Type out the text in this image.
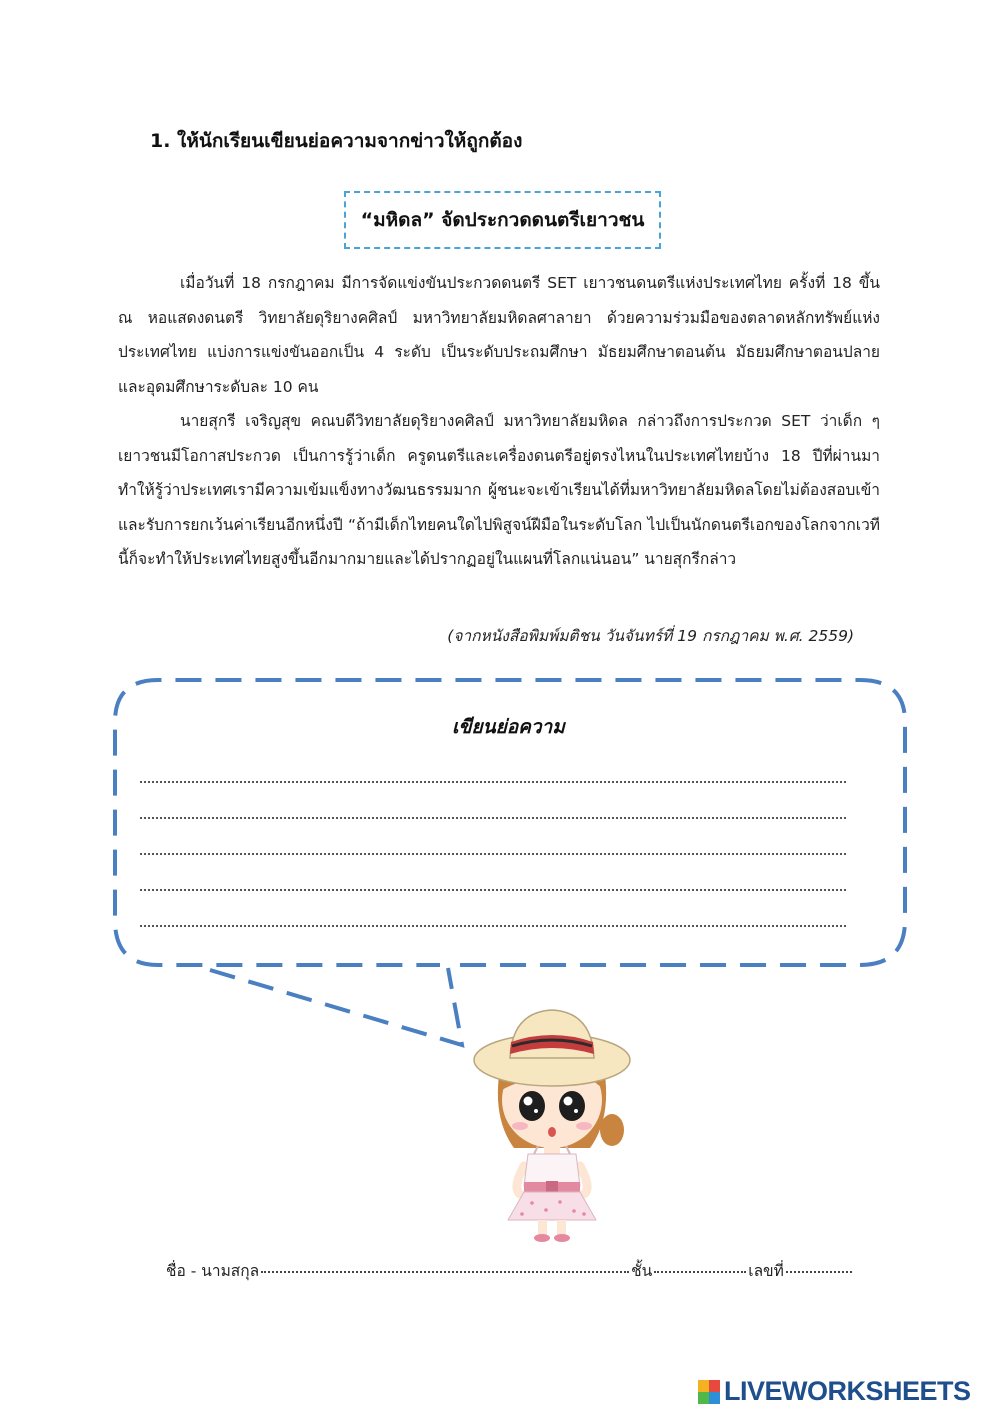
1. ให้นักเรียนเขียนย่อความจากข่าวให้ถูกต้อง
“มหิดล” จัดประกวดดนตรีเยาวชน

เมื่อวันที่ 18 กรกฎาคม มีการจัดแข่งขันประกวดดนตรี SET เยาวชนดนตรีแห่งประเทศไทย ครั้งที่ 18 ขึ้น ณ หอแสดงดนตรี วิทยาลัยดุริยางคศิลป์ มหาวิทยาลัยมหิดลศาลายา ด้วยความร่วมมือของตลาดหลักทรัพย์แห่งประเทศไทย แบ่งการแข่งขันออกเป็น 4 ระดับ เป็นระดับประถมศึกษา มัธยมศึกษาตอนต้น มัธยมศึกษาตอนปลาย และอุดมศึกษาระดับละ 10 คน

นายสุกรี เจริญสุข คณบดีวิทยาลัยดุริยางคศิลป์ มหาวิทยาลัยมหิดล กล่าวถึงการประกวด SET ว่าเด็ก ๆ เยาวชนมีโอกาสประกวด เป็นการรู้ว่าเด็ก ครูดนตรีและเครื่องดนตรีอยู่ตรงไหนในประเทศไทยบ้าง 18 ปีที่ผ่านมาทำให้รู้ว่าประเทศเรามีความเข้มแข็งทางวัฒนธรรมมาก ผู้ชนะจะเข้าเรียนได้ที่มหาวิทยาลัยมหิดลโดยไม่ต้องสอบเข้าและรับการยกเว้นค่าเรียนอีกหนึ่งปี “ถ้ามีเด็กไทยคนใดไปพิสูจน์ฝีมือในระดับโลก ไปเป็นนักดนตรีเอกของโลกจากเวทีนี้ก็จะทำให้ประเทศไทยสูงขึ้นอีกมากมายและได้ปรากฏอยู่ในแผนที่โลกแน่นอน” นายสุกรีกล่าว

(จากหนังสือพิมพ์มติชน วันจันทร์ที่ 19 กรกฎาคม พ.ศ. 2559)
เขียนย่อความ
ชื่อ - นามสกุล	ชั้น	เลขที่
LIVEWORKSHEETS
